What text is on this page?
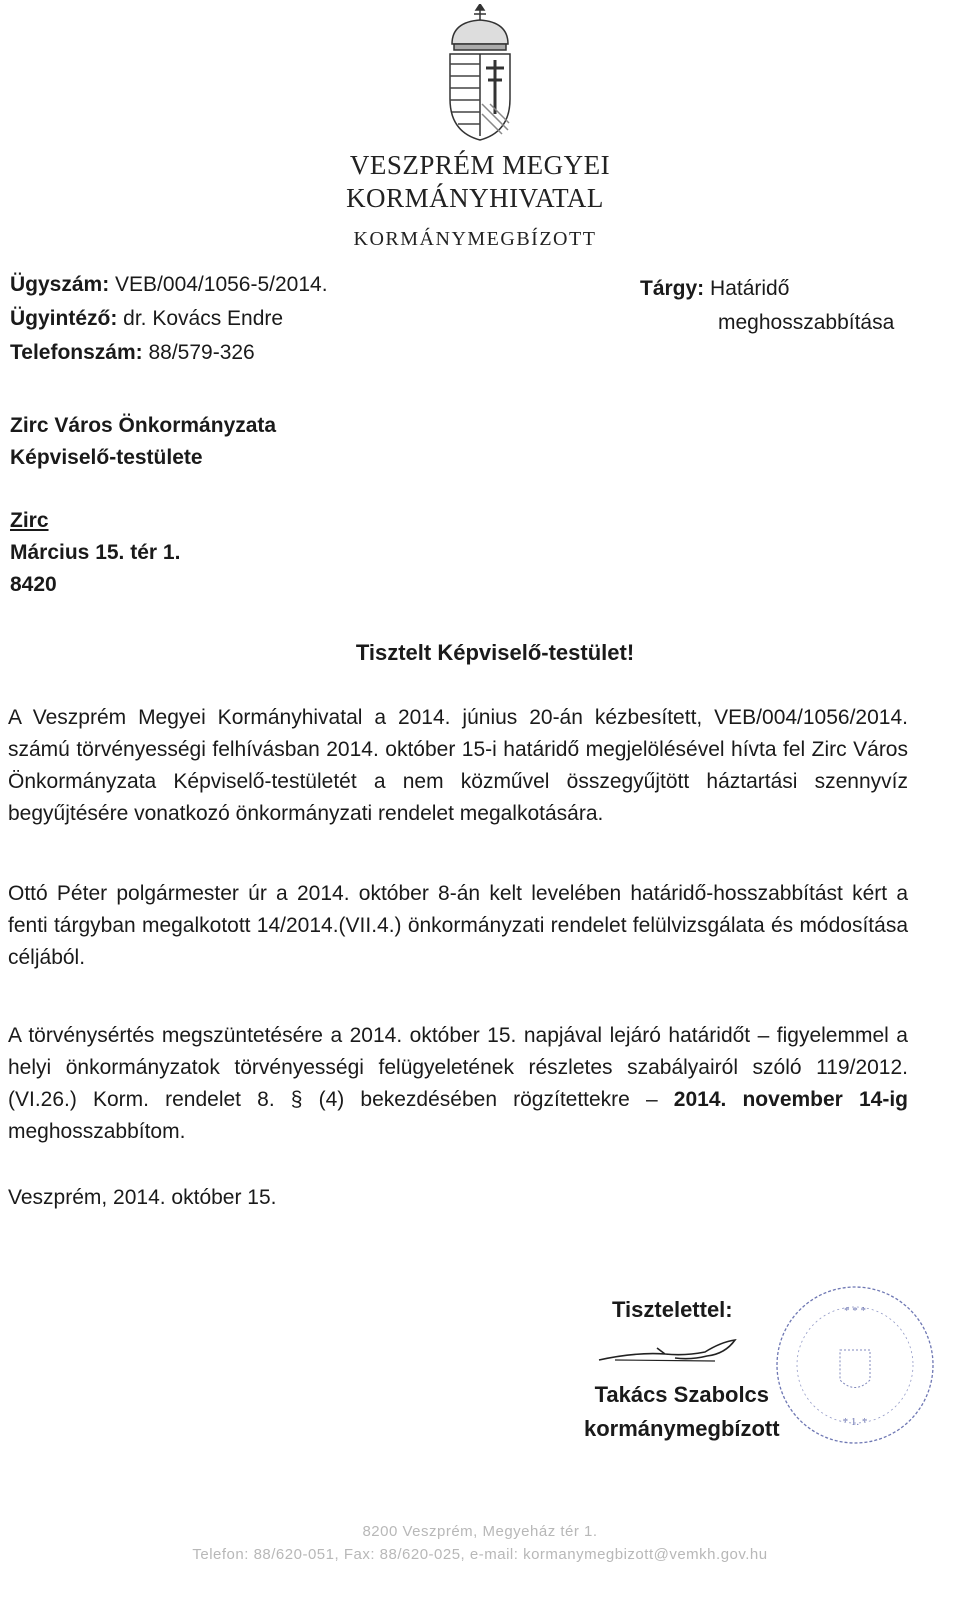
VESZPRÉM MEGYEI
KORMÁNYHIVATAL
KORMÁNYMEGBÍZOTT
Ügyszám: VEB/004/1056-5/2014.
Ügyintéző: dr. Kovács Endre
Telefonszám: 88/579-326
Tárgy: Határidő
meghosszabbítása
Zirc Város Önkormányzata
Képviselő-testülete
Zirc
Március 15. tér 1.
8420
Tisztelt Képviselő-testület!
A Veszprém Megyei Kormányhivatal a 2014. június 20-án kézbesített, VEB/004/1056/2014. számú törvényességi felhívásban 2014. október 15-i határidő megjelölésével hívta fel Zirc Város Önkormányzata Képviselő-testületét a nem közművel összegyűjtött háztartási szennyvíz begyűjtésére vonatkozó önkormányzati rendelet megalkotására.
Ottó Péter polgármester úr a 2014. október 8-án kelt levelében határidő-hosszabbítást kért a fenti tárgyban megalkotott 14/2014.(VII.4.) önkormányzati rendelet felülvizsgálata és módosítása céljából.
A törvénysértés megszüntetésére a 2014. október 15. napjával lejáró határidőt – figyelemmel a helyi önkormányzatok törvényességi felügyeletének részletes szabályairól szóló 119/2012. (VI.26.) Korm. rendelet 8. § (4) bekezdésében rögzítettekre – 2014. november 14-ig meghosszabbítom.
Veszprém, 2014. október 15.
Tisztelettel:
Takács Szabolcs
kormánymegbízott
* * *
* 1. *
8200 Veszprém, Megyeház tér 1.
Telefon: 88/620-051, Fax: 88/620-025, e-mail: kormanymegbizott@vemkh.gov.hu
